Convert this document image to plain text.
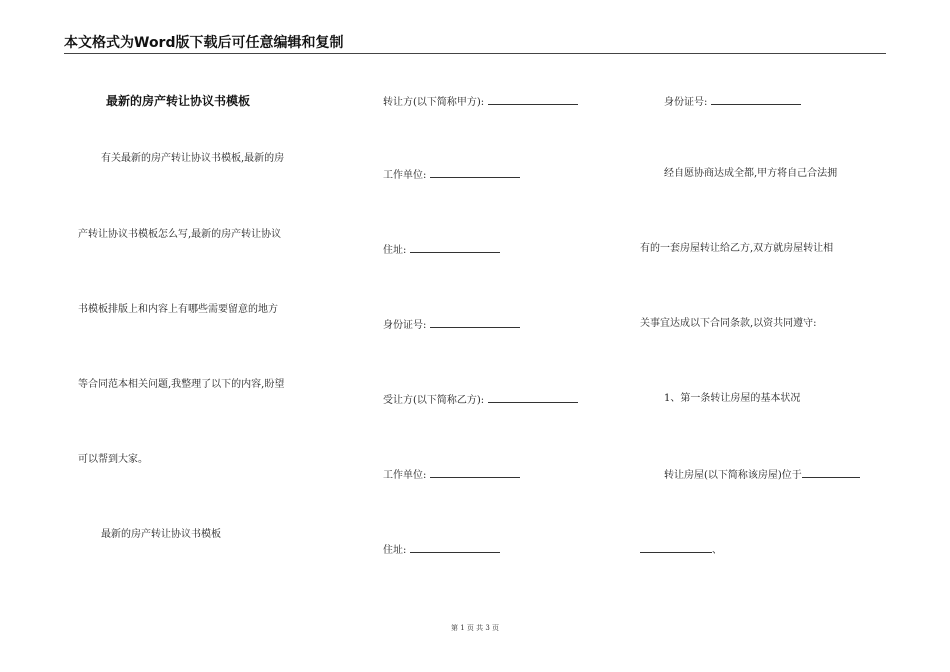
本文格式为Word版下载后可任意编辑和复制
最新的房产转让协议书模板
有关最新的房产转让协议书模板,最新的房
产转让协议书模板怎么写,最新的房产转让协议
书模板排版上和内容上有哪些需要留意的地方
等合同范本相关问题,我整理了以下的内容,盼望
可以帮到大家。
最新的房产转让协议书模板
转让方(以下简称甲方):
工作单位:
住址:
身份证号:
受让方(以下简称乙方):
工作单位:
住址:
身份证号:
经自愿协商达成全都,甲方将自己合法拥
有的一套房屋转让给乙方,双方就房屋转让相
关事宜达成以下合同条款,以资共同遵守:
1、第一条转让房屋的基本状况
转让房屋(以下简称该房屋)位于
、
第 1 页 共 3 页
